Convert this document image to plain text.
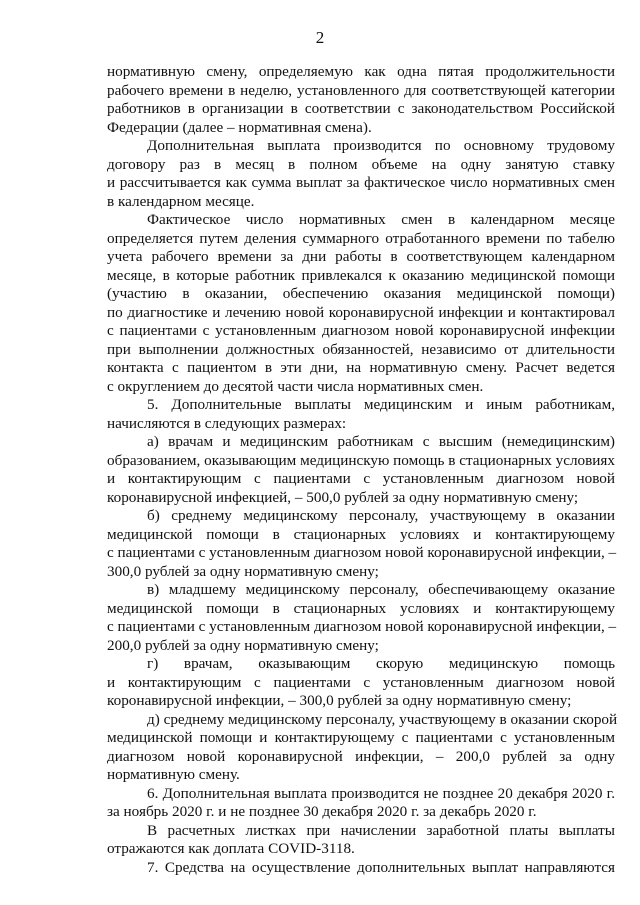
2
нормативную смену, определяемую как одна пятая продолжительности
рабочего времени в неделю, установленного для соответствующей категории
работников в организации в соответствии с законодательством Российской
Федерации (далее – нормативная смена).
Дополнительная выплата производится по основному трудовому
договору раз в месяц в полном объеме на одну занятую ставку
и рассчитывается как сумма выплат за фактическое число нормативных смен
в календарном месяце.
Фактическое число нормативных смен в календарном месяце
определяется путем деления суммарного отработанного времени по табелю
учета рабочего времени за дни работы в соответствующем календарном
месяце, в которые работник привлекался к оказанию медицинской помощи
(участию в оказании, обеспечению оказания медицинской помощи)
по диагностике и лечению новой коронавирусной инфекции и контактировал
с пациентами с установленным диагнозом новой коронавирусной инфекции
при выполнении должностных обязанностей, независимо от длительности
контакта с пациентом в эти дни, на нормативную смену. Расчет ведется
с округлением до десятой части числа нормативных смен.
5. Дополнительные выплаты медицинским и иным работникам,
начисляются в следующих размерах:
а) врачам и медицинским работникам с высшим (немедицинским)
образованием, оказывающим медицинскую помощь в стационарных условиях
и контактирующим с пациентами с установленным диагнозом новой
коронавирусной инфекцией, – 500,0 рублей за одну нормативную смену;
б) среднему медицинскому персоналу, участвующему в оказании
медицинской помощи в стационарных условиях и контактирующему
с пациентами с установленным диагнозом новой коронавирусной инфекции, –
300,0 рублей за одну нормативную смену;
в) младшему медицинскому персоналу, обеспечивающему оказание
медицинской помощи в стационарных условиях и контактирующему
с пациентами с установленным диагнозом новой коронавирусной инфекции, –
200,0 рублей за одну нормативную смену;
г) врачам, оказывающим скорую медицинскую помощь
и контактирующим с пациентами с установленным диагнозом новой
коронавирусной инфекции, – 300,0 рублей за одну нормативную смену;
д) среднему медицинскому персоналу, участвующему в оказании скорой
медицинской помощи и контактирующему с пациентами с установленным
диагнозом новой коронавирусной инфекции, – 200,0 рублей за одну
нормативную смену.
6. Дополнительная выплата производится не позднее 20 декабря 2020 г.
за ноябрь 2020 г. и не позднее 30 декабря 2020 г. за декабрь 2020 г.
В расчетных листках при начислении заработной платы выплаты
отражаются как доплата COVID-3118.
7. Средства на осуществление дополнительных выплат направляются
